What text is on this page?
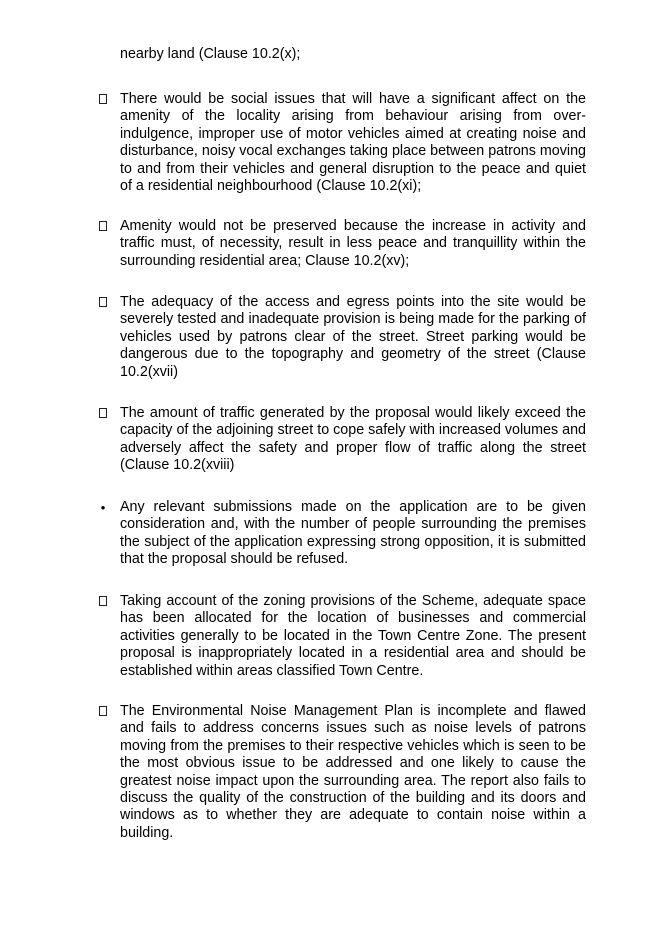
nearby land (Clause 10.2(x);

There would be social issues that will have a significant affect on the amenity of the locality arising from behaviour arising from over-indulgence, improper use of motor vehicles aimed at creating noise and disturbance, noisy vocal exchanges taking place between patrons moving to and from their vehicles and general disruption to the peace and quiet of a residential neighbourhood (Clause 10.2(xi);

Amenity would not be preserved because the increase in activity and traffic must, of necessity, result in less peace and tranquillity within the surrounding residential area; Clause 10.2(xv);

The adequacy of the access and egress points into the site would be severely tested and inadequate provision is being made for the parking of vehicles used by patrons clear of the street. Street parking would be dangerous due to the topography and geometry of the street (Clause 10.2(xvii)

The amount of traffic generated by the proposal would likely exceed the capacity of the adjoining street to cope safely with increased volumes and adversely affect the safety and proper flow of traffic along the street (Clause 10.2(xviii)

•	Any relevant submissions made on the application are to be given consideration and, with the number of people surrounding the premises the subject of the application expressing strong opposition, it is submitted that the proposal should be refused.

Taking account of the zoning provisions of the Scheme, adequate space has been allocated for the location of businesses and commercial activities generally to be located in the Town Centre Zone. The present proposal is inappropriately located in a residential area and should be established within areas classified Town Centre.

The Environmental Noise Management Plan is incomplete and flawed and fails to address concerns issues such as noise levels of patrons moving from the premises to their respective vehicles which is seen to be the most obvious issue to be addressed and one likely to cause the greatest noise impact upon the surrounding area. The report also fails to discuss the quality of the construction of the building and its doors and windows as to whether they are adequate to contain noise within a building.
